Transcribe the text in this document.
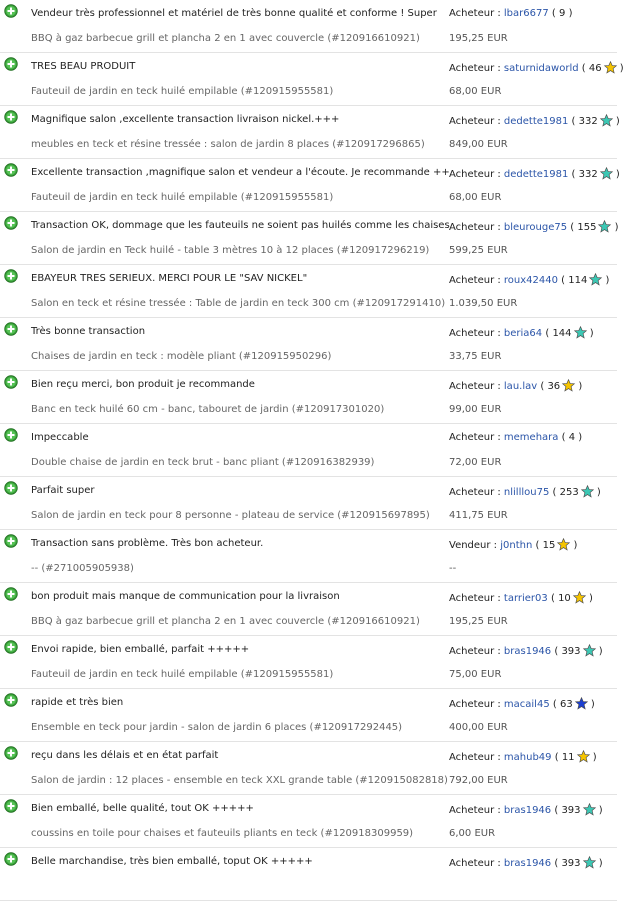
Vendeur très professionnel et matériel de très bonne qualité et conforme ! Super
BBQ à gaz barbecue grill et plancha 2 en 1 avec couvercle (#120916610921)
Acheteur : lbar6677 ( 9 )
195,25 EUR
TRES BEAU PRODUIT
Fauteuil de jardin en teck huilé empilable (#120915955581)
Acheteur : saturnidaworld ( 46 )
68,00 EUR
Magnifique salon ,excellente transaction livraison nickel.+++
meubles en teck et résine tressée : salon de jardin 8 places (#120917296865)
Acheteur : dedette1981 ( 332 )
849,00 EUR
Excellente transaction ,magnifique salon et vendeur a l'écoute. Je recommande ++
Fauteuil de jardin en teck huilé empilable (#120915955581)
Acheteur : dedette1981 ( 332 )
68,00 EUR
Transaction OK, dommage que les fauteuils ne soient pas huilés comme les chaises
Salon de jardin en Teck huilé - table 3 mètres 10 à 12 places (#120917296219)
Acheteur : bleurouge75 ( 155 )
599,25 EUR
EBAYEUR TRES SERIEUX. MERCI POUR LE "SAV NICKEL"
Salon en teck et résine tressée : Table de jardin en teck 300 cm (#120917291410)
Acheteur : roux42440 ( 114 )
1.039,50 EUR
Très bonne transaction
Chaises de jardin en teck : modèle pliant (#120915950296)
Acheteur : beria64 ( 144 )
33,75 EUR
Bien reçu merci, bon produit je recommande
Banc en teck huilé 60 cm - banc, tabouret de jardin (#120917301020)
Acheteur : lau.lav ( 36 )
99,00 EUR
Impeccable
Double chaise de jardin en teck brut - banc pliant (#120916382939)
Acheteur : memehara ( 4 )
72,00 EUR
Parfait super
Salon de jardin en teck pour 8 personne - plateau de service (#120915697895)
Acheteur : nlilllou75 ( 253 )
411,75 EUR
Transaction sans problème. Très bon acheteur.
-- (#271005905938)
Vendeur : j0nthn ( 15 )
--
bon produit mais manque de communication pour la livraison
BBQ à gaz barbecue grill et plancha 2 en 1 avec couvercle (#120916610921)
Acheteur : tarrier03 ( 10 )
195,25 EUR
Envoi rapide, bien emballé, parfait +++++
Fauteuil de jardin en teck huilé empilable (#120915955581)
Acheteur : bras1946 ( 393 )
75,00 EUR
rapide et très bien
Ensemble en teck pour jardin - salon de jardin 6 places (#120917292445)
Acheteur : macail45 ( 63 )
400,00 EUR
reçu dans les délais et en état parfait
Salon de jardin : 12 places - ensemble en teck XXL grande table (#120915082818)
Acheteur : mahub49 ( 11 )
792,00 EUR
Bien emballé, belle qualité, tout OK +++++
coussins en toile pour chaises et fauteuils pliants en teck (#120918309959)
Acheteur : bras1946 ( 393 )
6,00 EUR
Belle marchandise, très bien emballé, toput OK +++++	Acheteur : bras1946 ( 393 )
